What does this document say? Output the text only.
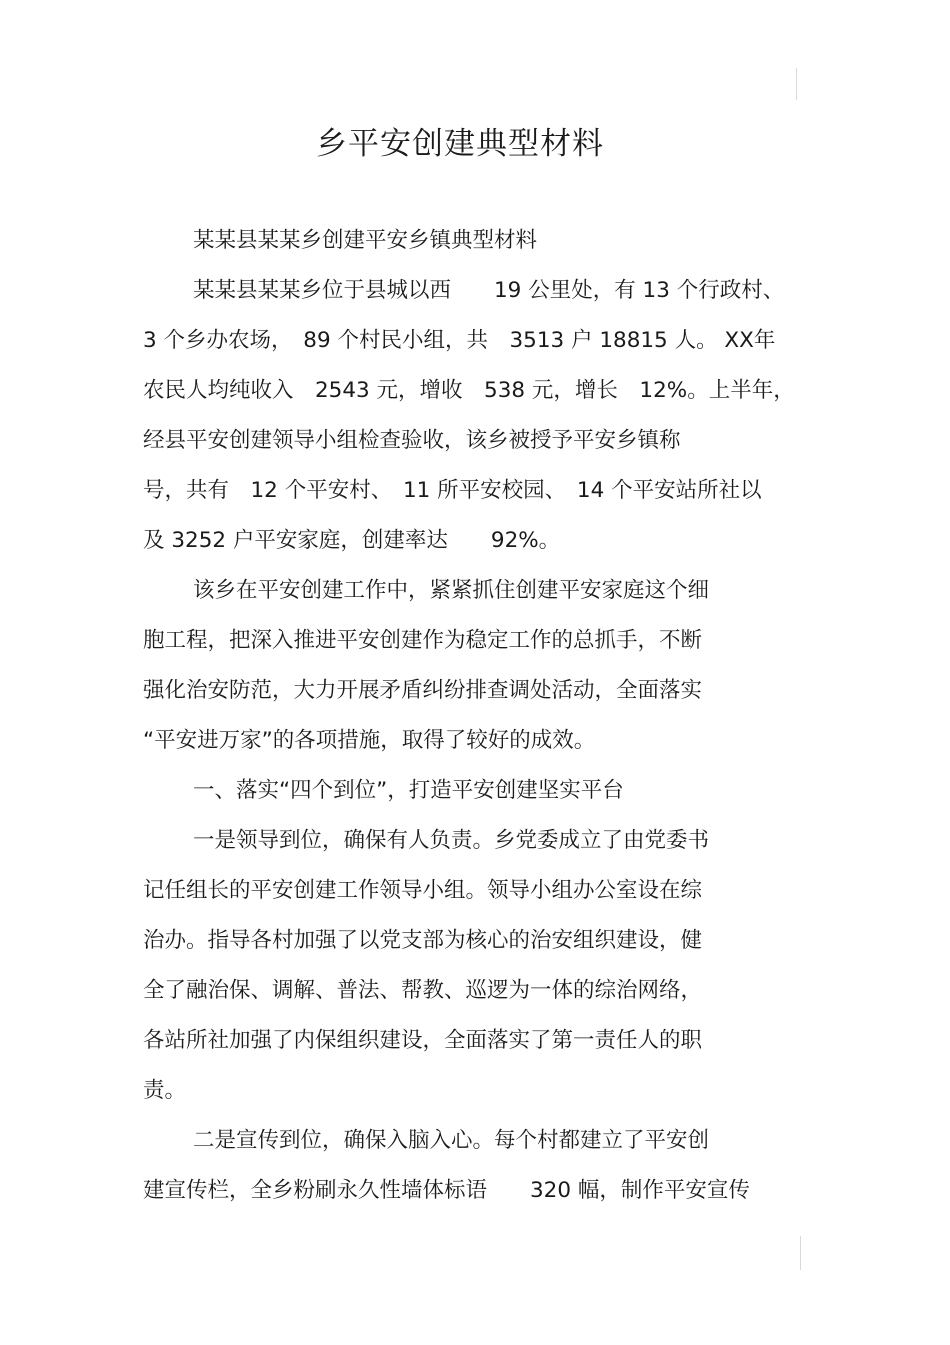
乡平安创建典型材料
某某县某某乡创建平安乡镇典型材料
某某县某某乡位于县城以西　　19 公里处，有 13 个行政村、
3 个乡办农场，　89 个村民小组，共　3513 户 18815 人。 XX年
农民人均纯收入　2543 元，增收　538 元，增长　12%。上半年，
经县平安创建领导小组检查验收，该乡被授予平安乡镇称
号，共有　12 个平安村、　11 所平安校园、　14 个平安站所社以
及 3252 户平安家庭，创建率达　　92%。
该乡在平安创建工作中，紧紧抓住创建平安家庭这个细
胞工程，把深入推进平安创建作为稳定工作的总抓手，不断
强化治安防范，大力开展矛盾纠纷排查调处活动，全面落实
“平安进万家”的各项措施，取得了较好的成效。
一、落实“四个到位”，打造平安创建坚实平台
一是领导到位，确保有人负责。乡党委成立了由党委书
记任组长的平安创建工作领导小组。领导小组办公室设在综
治办。指导各村加强了以党支部为核心的治安组织建设，健
全了融治保、调解、普法、帮教、巡逻为一体的综治网络，
各站所社加强了内保组织建设，全面落实了第一责任人的职
责。
二是宣传到位，确保入脑入心。每个村都建立了平安创
建宣传栏，全乡粉刷永久性墙体标语　　320 幅，制作平安宣传
